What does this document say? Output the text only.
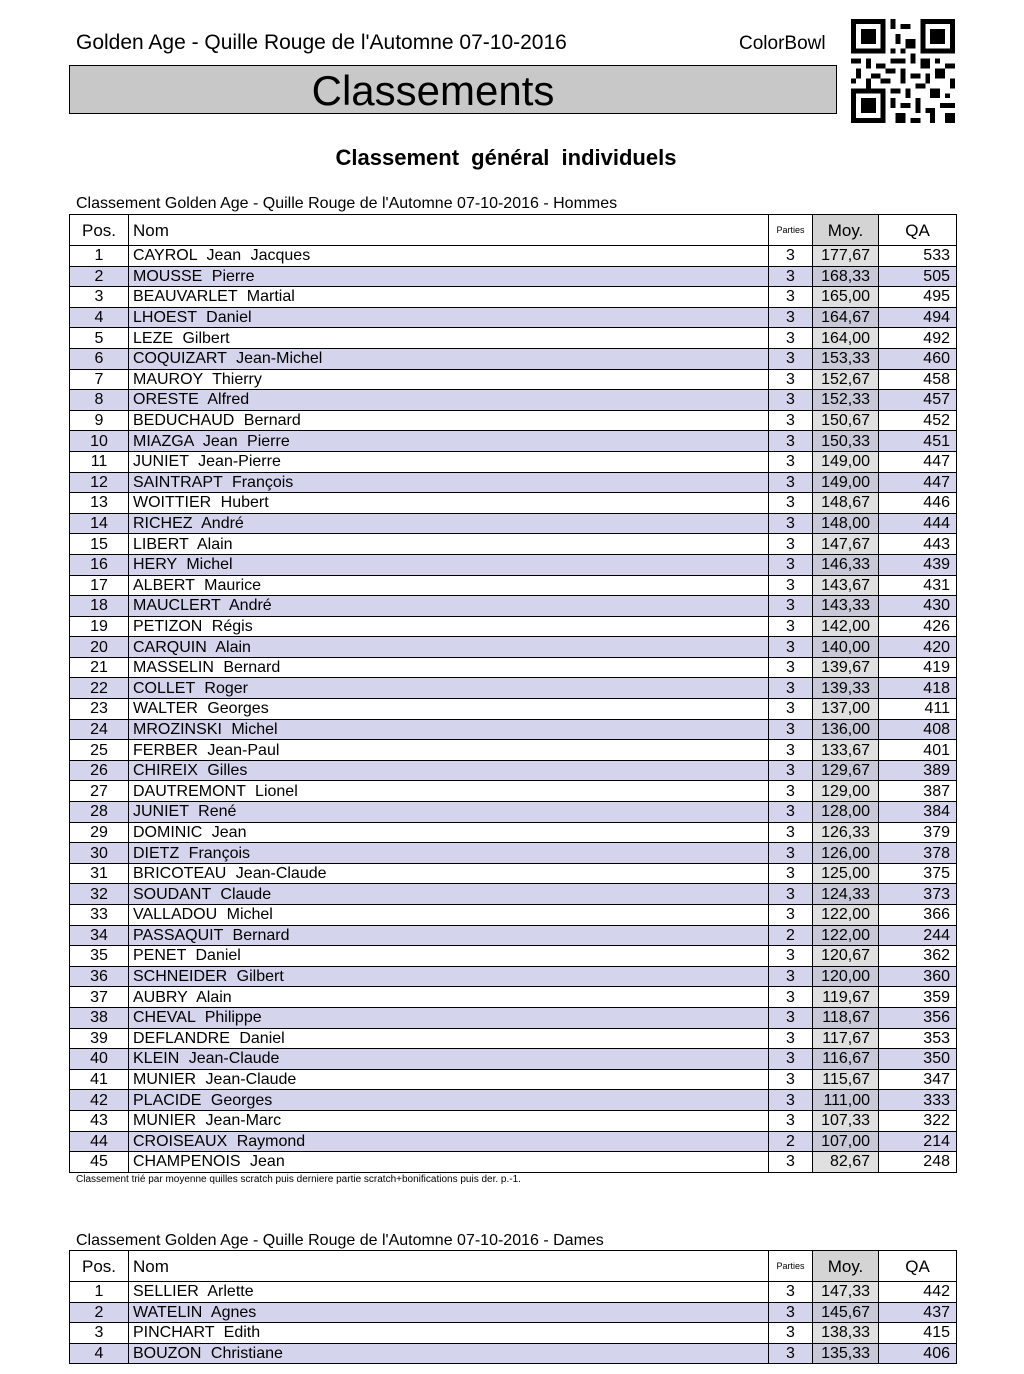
Golden Age - Quille Rouge de l'Automne 07-10-2016	ColorBowl
Classements
Classement général individuels
Classement Golden Age - Quille Rouge de l'Automne 07-10-2016 - Hommes
Pos.	Nom	Parties	Moy.	QA
1	CAYROL Jean Jacques	3	177,67	533
2	MOUSSE Pierre	3	168,33	505
3	BEAUVARLET Martial	3	165,00	495
4	LHOEST Daniel	3	164,67	494
5	LEZE Gilbert	3	164,00	492
6	COQUIZART Jean-Michel	3	153,33	460
7	MAUROY Thierry	3	152,67	458
8	ORESTE Alfred	3	152,33	457
9	BEDUCHAUD Bernard	3	150,67	452
10	MIAZGA Jean Pierre	3	150,33	451
11	JUNIET Jean-Pierre	3	149,00	447
12	SAINTRAPT François	3	149,00	447
13	WOITTIER Hubert	3	148,67	446
14	RICHEZ André	3	148,00	444
15	LIBERT Alain	3	147,67	443
16	HERY Michel	3	146,33	439
17	ALBERT Maurice	3	143,67	431
18	MAUCLERT André	3	143,33	430
19	PETIZON Régis	3	142,00	426
20	CARQUIN Alain	3	140,00	420
21	MASSELIN Bernard	3	139,67	419
22	COLLET Roger	3	139,33	418
23	WALTER Georges	3	137,00	411
24	MROZINSKI Michel	3	136,00	408
25	FERBER Jean-Paul	3	133,67	401
26	CHIREIX Gilles	3	129,67	389
27	DAUTREMONT Lionel	3	129,00	387
28	JUNIET René	3	128,00	384
29	DOMINIC Jean	3	126,33	379
30	DIETZ François	3	126,00	378
31	BRICOTEAU Jean-Claude	3	125,00	375
32	SOUDANT Claude	3	124,33	373
33	VALLADOU Michel	3	122,00	366
34	PASSAQUIT Bernard	2	122,00	244
35	PENET Daniel	3	120,67	362
36	SCHNEIDER Gilbert	3	120,00	360
37	AUBRY Alain	3	119,67	359
38	CHEVAL Philippe	3	118,67	356
39	DEFLANDRE Daniel	3	117,67	353
40	KLEIN Jean-Claude	3	116,67	350
41	MUNIER Jean-Claude	3	115,67	347
42	PLACIDE Georges	3	111,00	333
43	MUNIER Jean-Marc	3	107,33	322
44	CROISEAUX Raymond	2	107,00	214
45	CHAMPENOIS Jean	3	82,67	248
Classement trié par moyenne quilles scratch puis derniere partie scratch+bonifications puis der. p.-1.
Classement Golden Age - Quille Rouge de l'Automne 07-10-2016 - Dames
Pos.	Nom	Parties	Moy.	QA
1	SELLIER Arlette	3	147,33	442
2	WATELIN Agnes	3	145,67	437
3	PINCHART Edith	3	138,33	415
4	BOUZON Christiane	3	135,33	406
